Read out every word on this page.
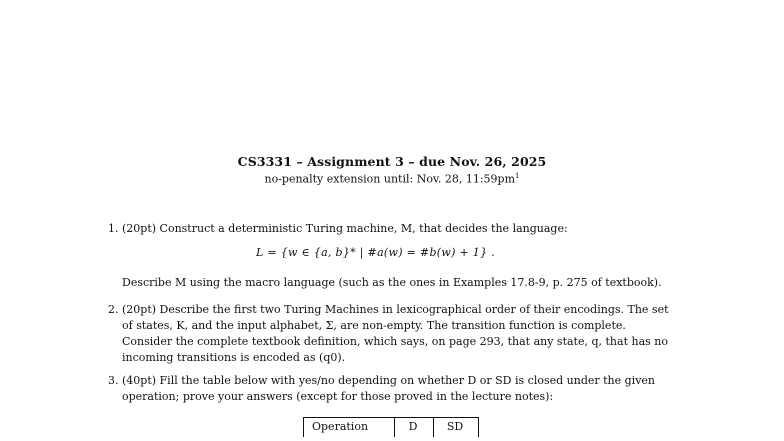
CS3331 – Assignment 3 – due Nov. 26, 2025
no-penalty extension until: Nov. 28, $11:59pm^1$
1. (20pt) Construct a deterministic Turing machine, M, that decides the language:
L = {w ∈ {a, b}* | #a(w) = #b(w) + 1} .
Describe M using the macro language (such as the ones in Examples 17.8-9, p. 275 of textbook).
2. (20pt) Describe the first two Turing Machines in lexicographical order of their encodings. The set of states, K, and the input alphabet, Σ, are non-empty. The transition function is complete. Consider the complete textbook definition, which says, on page 293, that any state, q, that has no incoming transitions is encoded as (q0).
3. (40pt) Fill the table below with yes/no depending on whether D or SD is closed under the given operation; prove your answers (except for those proved in the lecture notes):
Operation	D	SD
